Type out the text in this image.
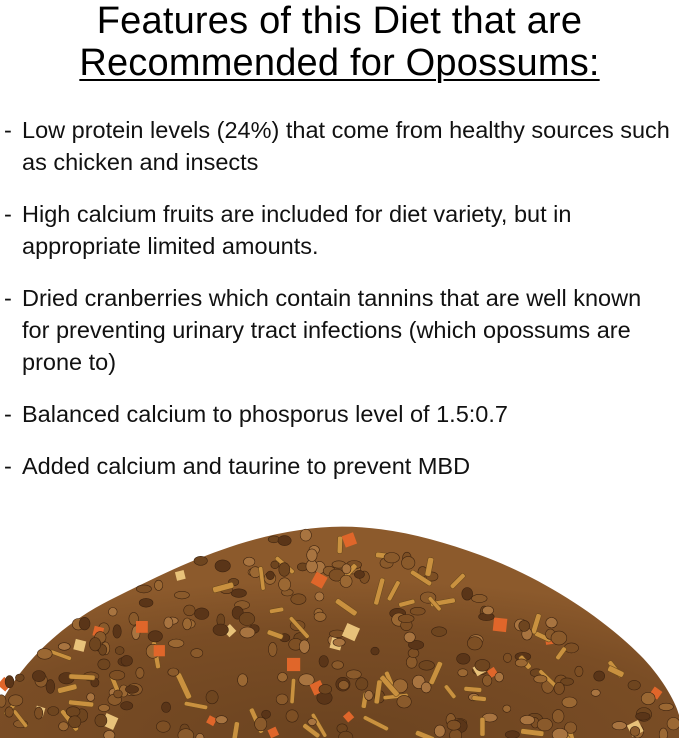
Features of this Diet that are
Recommended for Opossums:
- Low protein levels (24%) that come from healthy sources such as chicken and insects
- High calcium fruits are included for diet variety, but in appropriate limited amounts.
- Dried cranberries which contain tannins that are well known for preventing urinary tract infections (which opossums are prone to)
- Balanced calcium to phosporus level of 1.5:0.7
- Added calcium and taurine to prevent MBD
